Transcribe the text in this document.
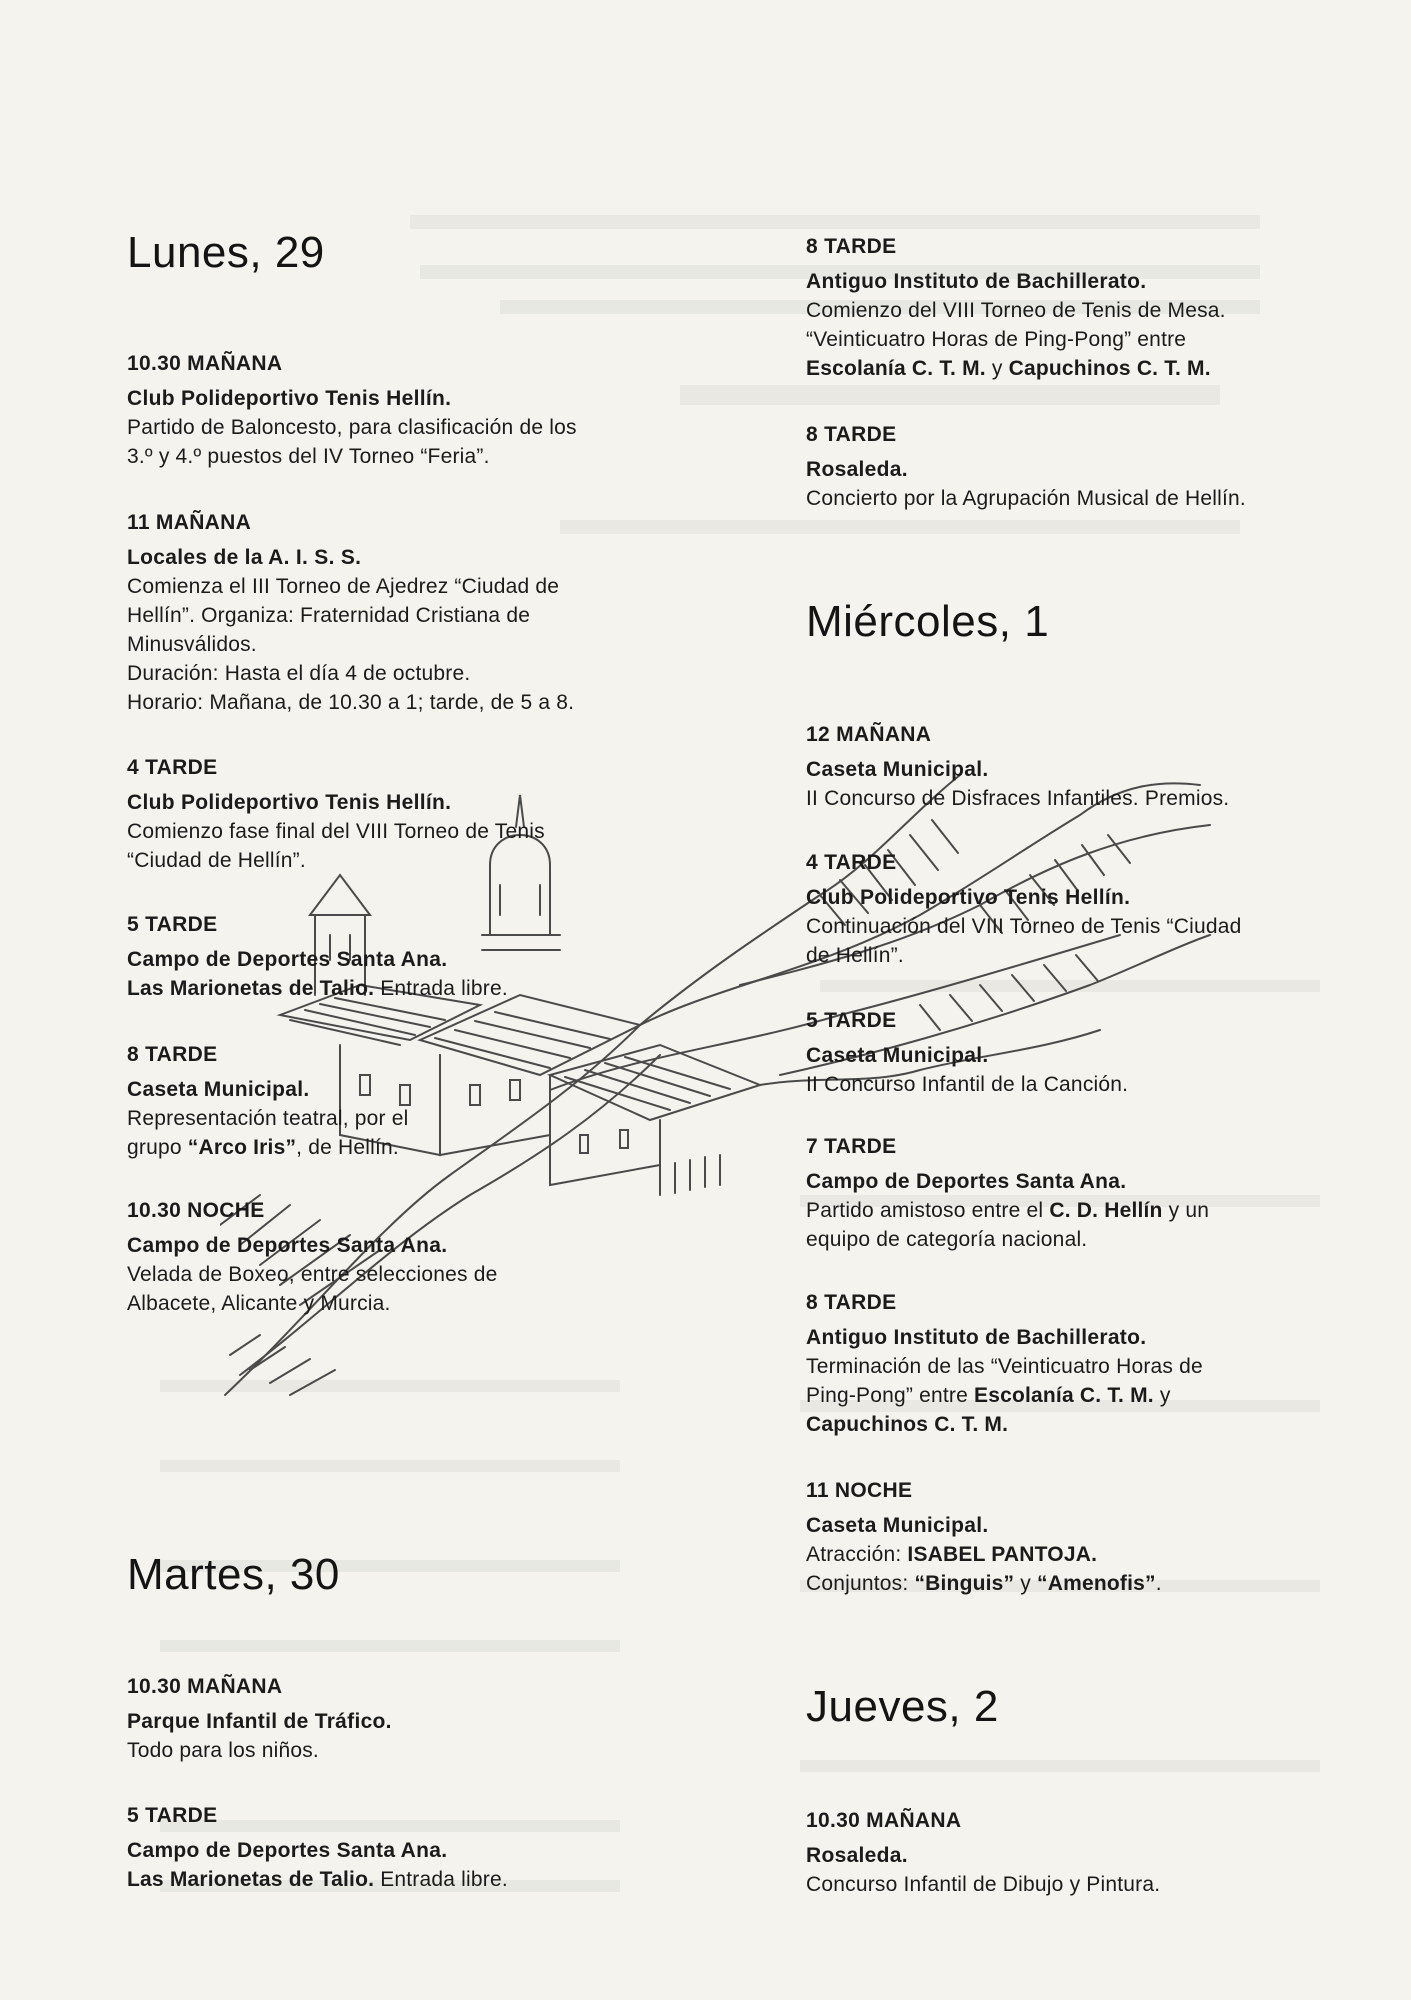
Lunes, 29
10.30 MAÑANA
Club Polideportivo Tenis Hellín.
Partido de Baloncesto, para clasificación de los
3.º y 4.º puestos del IV Torneo “Feria”.
11 MAÑANA
Locales de la A. I. S. S.
Comienza el III Torneo de Ajedrez “Ciudad de
Hellín”. Organiza: Fraternidad Cristiana de
Minusválidos.
Duración: Hasta el día 4 de octubre.
Horario: Mañana, de 10.30 a 1; tarde, de 5 a 8.
4 TARDE
Club Polideportivo Tenis Hellín.
Comienzo fase final del VIII Torneo de Tenis
“Ciudad de Hellín”.
5 TARDE
Campo de Deportes Santa Ana.
Las Marionetas de Talio. Entrada libre.
8 TARDE
Caseta Municipal.
Representación teatral, por el
grupo “Arco Iris”, de Hellín.
10.30 NOCHE
Campo de Deportes Santa Ana.
Velada de Boxeo, entre selecciones de
Albacete, Alicante y Murcia.
Martes, 30
10.30 MAÑANA
Parque Infantil de Tráfico.
Todo para los niños.
5 TARDE
Campo de Deportes Santa Ana.
Las Marionetas de Talio. Entrada libre.
8 TARDE
Antiguo Instituto de Bachillerato.
Comienzo del VIII Torneo de Tenis de Mesa.
“Veinticuatro Horas de Ping-Pong” entre
Escolanía C. T. M. y Capuchinos C. T. M.
8 TARDE
Rosaleda.
Concierto por la Agrupación Musical de Hellín.
Miércoles, 1
12 MAÑANA
Caseta Municipal.
II Concurso de Disfraces Infantiles. Premios.
4 TARDE
Club Polideportivo Tenis Hellín.
Continuación del VIII Torneo de Tenis “Ciudad
de Hellín”.
5 TARDE
Caseta Municipal.
II Concurso Infantil de la Canción.
7 TARDE
Campo de Deportes Santa Ana.
Partido amistoso entre el C. D. Hellín y un
equipo de categoría nacional.
8 TARDE
Antiguo Instituto de Bachillerato.
Terminación de las “Veinticuatro Horas de
Ping-Pong” entre Escolanía C. T. M. y
Capuchinos C. T. M.
11 NOCHE
Caseta Municipal.
Atracción: ISABEL PANTOJA.
Conjuntos: “Binguis” y “Amenofis”.
Jueves, 2
10.30 MAÑANA
Rosaleda.
Concurso Infantil de Dibujo y Pintura.
